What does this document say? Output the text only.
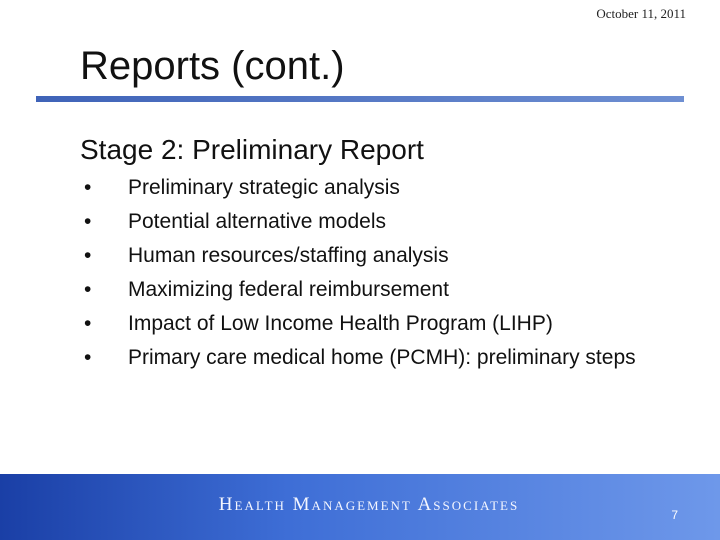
October 11, 2011
Reports (cont.)
Stage 2: Preliminary Report
• Preliminary strategic analysis
• Potential alternative models
• Human resources/staffing analysis
• Maximizing federal reimbursement
• Impact of Low Income Health Program (LIHP)
• Primary care medical home (PCMH): preliminary steps
Health Management Associates	7
